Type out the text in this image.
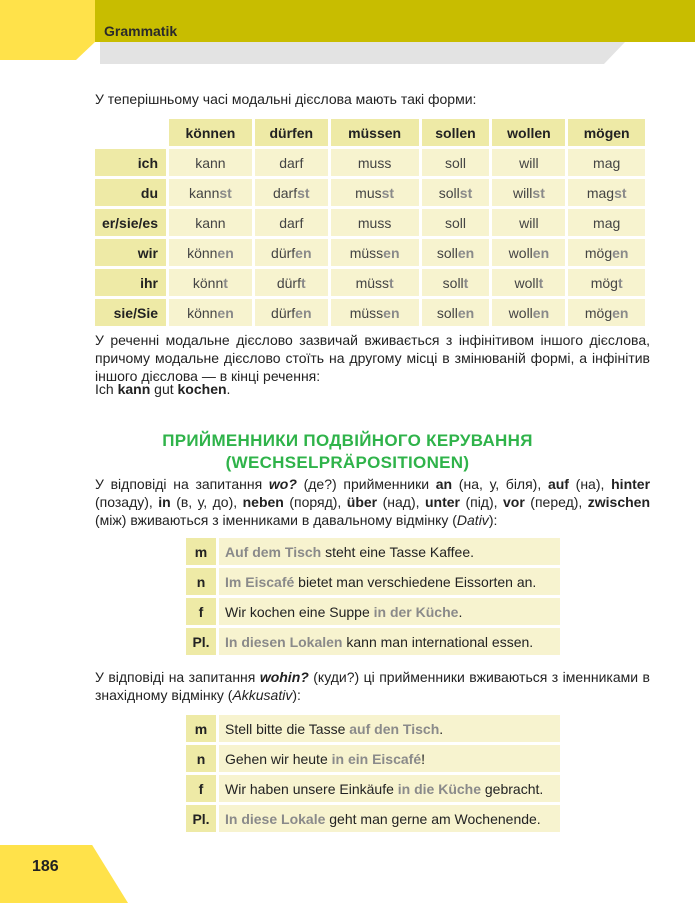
Grammatik
У теперішньому часі модальні дієслова мають такі форми:
	können	dürfen	müssen	sollen	wollen	mögen
ich	kann	darf	muss	soll	will	mag
du	kannst	darfst	musst	sollst	willst	magst
er/sie/es	kann	darf	muss	soll	will	mag
wir	können	dürfen	müssen	sollen	wollen	mögen
ihr	könnt	dürft	müsst	sollt	wollt	mögt
sie/Sie	können	dürfen	müssen	sollen	wollen	mögen
У реченні модальне дієслово зазвичай вживається з інфінітивом іншого дієслова, причому модальне дієслово стоїть на другому місці в змінюваній формі, а інфінітив іншого дієслова — в кінці речення:
Ich kann gut kochen.
ПРИЙМЕННИКИ ПОДВІЙНОГО КЕРУВАННЯ
(WECHSELPRÄPOSITIONEN)
У відповіді на запитання wo? (де?) прийменники an (на, у, біля), auf (на), hinter (позаду), in (в, у, до), neben (поряд), über (над), unter (під), vor (перед), zwischen (між) вживаються з іменниками в давальному відмінку (Dativ):
m	Auf dem Tisch steht eine Tasse Kaffee.
n	Im Eiscafé bietet man verschiedene Eissorten an.
f	Wir kochen eine Suppe in der Küche.
Pl.	In diesen Lokalen kann man international essen.
У відповіді на запитання wohin? (куди?) ці прийменники вживаються з іменниками в знахідному відмінку (Akkusativ):
m	Stell bitte die Tasse auf den Tisch.
n	Gehen wir heute in ein Eiscafé!
f	Wir haben unsere Einkäufe in die Küche gebracht.
Pl.	In diese Lokale geht man gerne am Wochenende.
186
